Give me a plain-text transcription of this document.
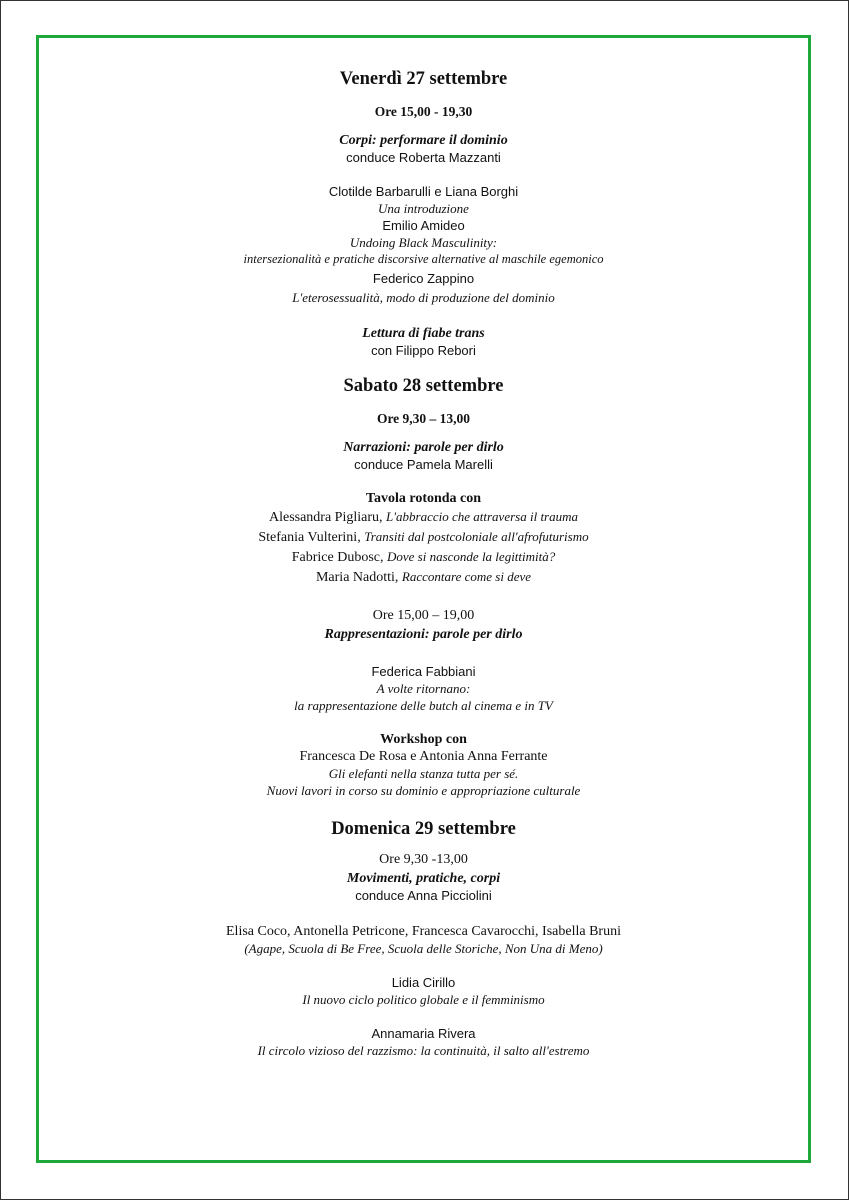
Venerdì 27 settembre
Ore 15,00 - 19,30
Corpi: performare il dominio
conduce Roberta Mazzanti
Clotilde Barbarulli e Liana Borghi
Una introduzione
Emilio Amideo
Undoing Black Masculinity:
intersezionalità e pratiche discorsive alternative al maschile egemonico
Federico Zappino
L'eterosessualità, modo di produzione del dominio
Lettura di fiabe trans
con Filippo Rebori
Sabato 28 settembre
Ore 9,30 – 13,00
Narrazioni: parole per dirlo
conduce Pamela Marelli
Tavola rotonda con
Alessandra Pigliaru, L'abbraccio che attraversa il trauma
Stefania Vulterini, Transiti dal postcoloniale all'afrofuturismo
Fabrice Dubosc, Dove si nasconde la legittimità?
Maria Nadotti, Raccontare come si deve
Ore 15,00 – 19,00
Rappresentazioni: parole per dirlo
Federica Fabbiani
A volte ritornano:
la rappresentazione delle butch al cinema e in TV
Workshop con
Francesca De Rosa e Antonia Anna Ferrante
Gli elefanti nella stanza tutta per sé.
Nuovi lavori in corso su dominio e appropriazione culturale
Domenica 29 settembre
Ore 9,30 -13,00
Movimenti, pratiche, corpi
conduce Anna Picciolini
Elisa Coco, Antonella Petricone, Francesca Cavarocchi, Isabella Bruni
(Agape, Scuola di Be Free, Scuola delle Storiche, Non Una di Meno)
Lidia Cirillo
Il nuovo ciclo politico globale e il femminismo
Annamaria Rivera
Il circolo vizioso del razzismo: la continuità, il salto all'estremo
